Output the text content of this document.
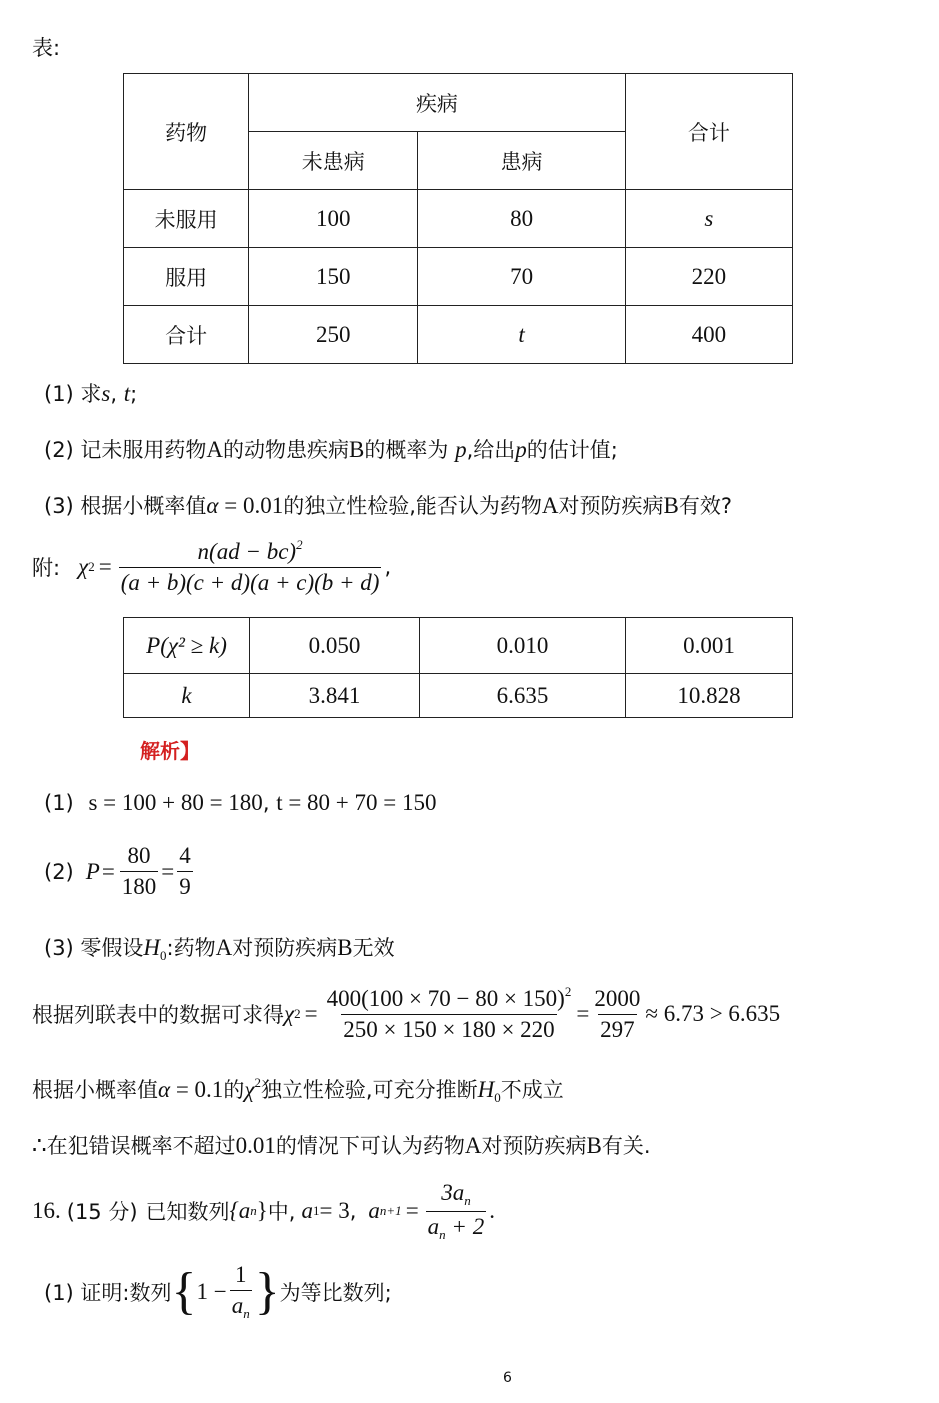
表:
药物	疾病		合计
	未患病	患病	
未服用	100	80	s
服用	150	70	220
合计	250	t	400
(1) 求s, t;
(2) 记未服用药物A的动物患疾病B的概率为 p,给出p的估计值;
(3) 根据小概率值α = 0.01的独立性检验,能否认为药物A对预防疾病B有效?
附: χ $2 = \frac{n(ad - bc)^2}{(a + b)(c + d)(a + c)(b + d)}$ ,
P(χ² ≥ k)	0.050	0.010	0.001
k	3.841	6.635	10.828
解析】
(1) s = 100 + 80 = 180, t = 80 + 70 = 150
(2) $P = \frac{80}{180} = \frac{4}{9}$
(3) 零假设$H_0$:药物A对预防疾病B无效
根据列联表中的数据可求得 χ $2 = \frac{400(100 \times 70 - 80 \times 150)^2}{250 \times 150 \times 180 \times 220} = \frac{2000}{297} \approx 6.73 > 6.635$
根据小概率值α = 0.1的$\chi^2$独立性检验,可充分推断$H_0$不成立
∴在犯错误概率不超过0.01的情况下可认为药物A对预防疾病B有关.
16. (15 分) 已知数列 {a n } 中, a 1 = 3 , a $n+1 = \frac{3a_n}{a_n + 2}$ .
(1) 证明:数列 { $1 - \frac{1}{a_n}$ } 为等比数列;
6
